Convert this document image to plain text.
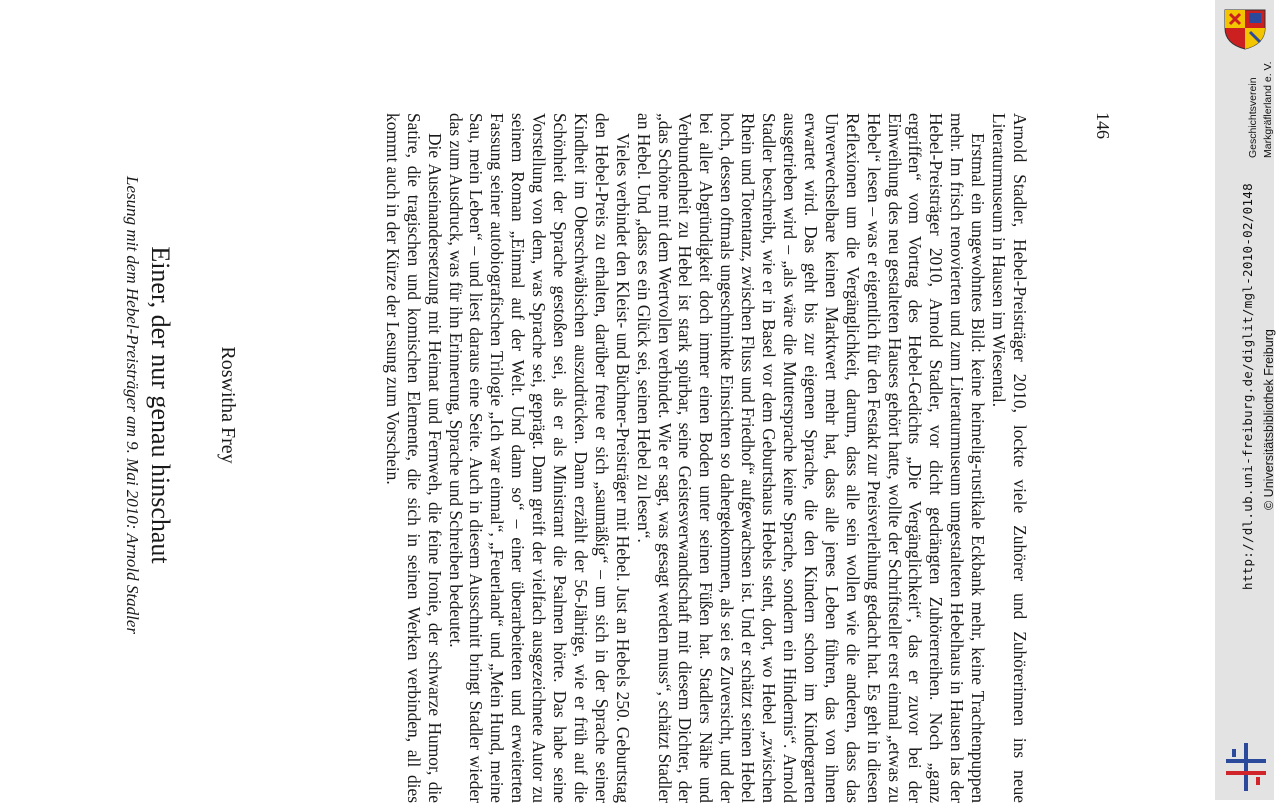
Lesung mit dem Hebel-Preisträger am 9. Mai 2010: Arnold Stadler Einer, der nur genau hinschaut Roswitha Frey	Arnold Stadler, Hebel-Preisträger 2010, lockte viele Zuhörer und Zuhörerinnen ins neue Literaturmuseum in Hausen im Wiesental.

Erstmal ein ungewohntes Bild: keine heimelig-rustikale Eckbank mehr, keine Trachtenpuppen mehr. Im frisch renovierten und zum Literaturmuseum umgestalteten Hebelhaus in Hausen las der Hebel-Preisträger 2010, Arnold Stadler, vor dicht gedrängten Zuhörerreihen. Noch „ganz ergriffen“ vom Vortrag des Hebel-Gedichts „Die Vergänglichkeit“, das er zuvor bei der Einweihung des neu gestalteten Hauses gehört hatte, wollte der Schriftsteller erst einmal „etwas zu Hebel“ lesen – was er eigentlich für den Festakt zur Preisverleihung gedacht hat. Es geht in diesen Reflexionen um die Vergänglichkeit, darum, dass alle sein wollen wie die anderen, dass das Unverwechselbare keinen Marktwert mehr hat, dass alle jenes Leben führen, das von ihnen erwartet wird. Das geht bis zur eigenen Sprache, die den Kindern schon im Kindergarten ausgetrieben wird – „als wäre die Muttersprache keine Sprache, sondern ein Hindernis“. Arnold Stadler beschreibt, wie er in Basel vor dem Geburtshaus Hebels steht, dort, wo Hebel „zwischen Rhein und Totentanz, zwischen Fluss und Friedhof“ aufgewachsen ist. Und er schätzt seinen Hebel hoch, dessen oftmals ungeschminkte Einsichten so dahergekommen, als sei es Zuversicht, und der bei aller Abgründigkeit doch immer einen Boden unter seinen Füßen hat. Stadlers Nähe und Verbundenheit zu Hebel ist stark spürbar, seine Geistesverwandtschaft mit diesem Dichter, der „das Schöne mit dem Wertvollen verbindet. Wie er sagt, was gesagt werden muss“, schätzt Stadler an Hebel. Und „dass es ein Glück sei, seinen Hebel zu lesen“.

Vieles verbindet den Kleist- und Büchner-Preisträger mit Hebel. Just an Hebels 250. Geburtstag den Hebel-Preis zu erhalten, darüber freue er sich „saumäßig“ – um sich in der Sprache seiner Kindheit im Oberschwäbischen auszudrücken. Dann erzählt der 56-Jährige, wie er früh auf die Schönheit der Sprache gestoßen sei, als er als Ministrant die Psalmen hörte. Das habe seine Vorstellung von dem, was Sprache sei, geprägt. Dann greift der vielfach ausgezeichnete Autor zu seinem Roman „Einmal auf der Welt. Und dann so“ – einer überarbeiteten und erweiterten Fassung seiner autobiografischen Trilogie „Ich war einmal“, „Feuerland“ und „Mein Hund, meine Sau, mein Leben“ – und liest daraus eine Seite. Auch in diesem Ausschnitt bringt Stadler wieder das zum Ausdruck, was für ihn Erinnerung, Sprache und Schreiben bedeutet.

Die Auseinandersetzung mit Heimat und Fernweh, die feine Ironie, der schwarze Humor, die Satire, die tragischen und komischen Elemente, die sich in seinen Werken verbinden, all dies kommt auch in der Kürze der Lesung zum Vorschein.	146	Geschichtsverein Markgräflerland e. V.
http://dl.ub.uni-freiburg.de/diglit/mgl-2010-02/0148 © Universitätsbibliothek Freiburg
